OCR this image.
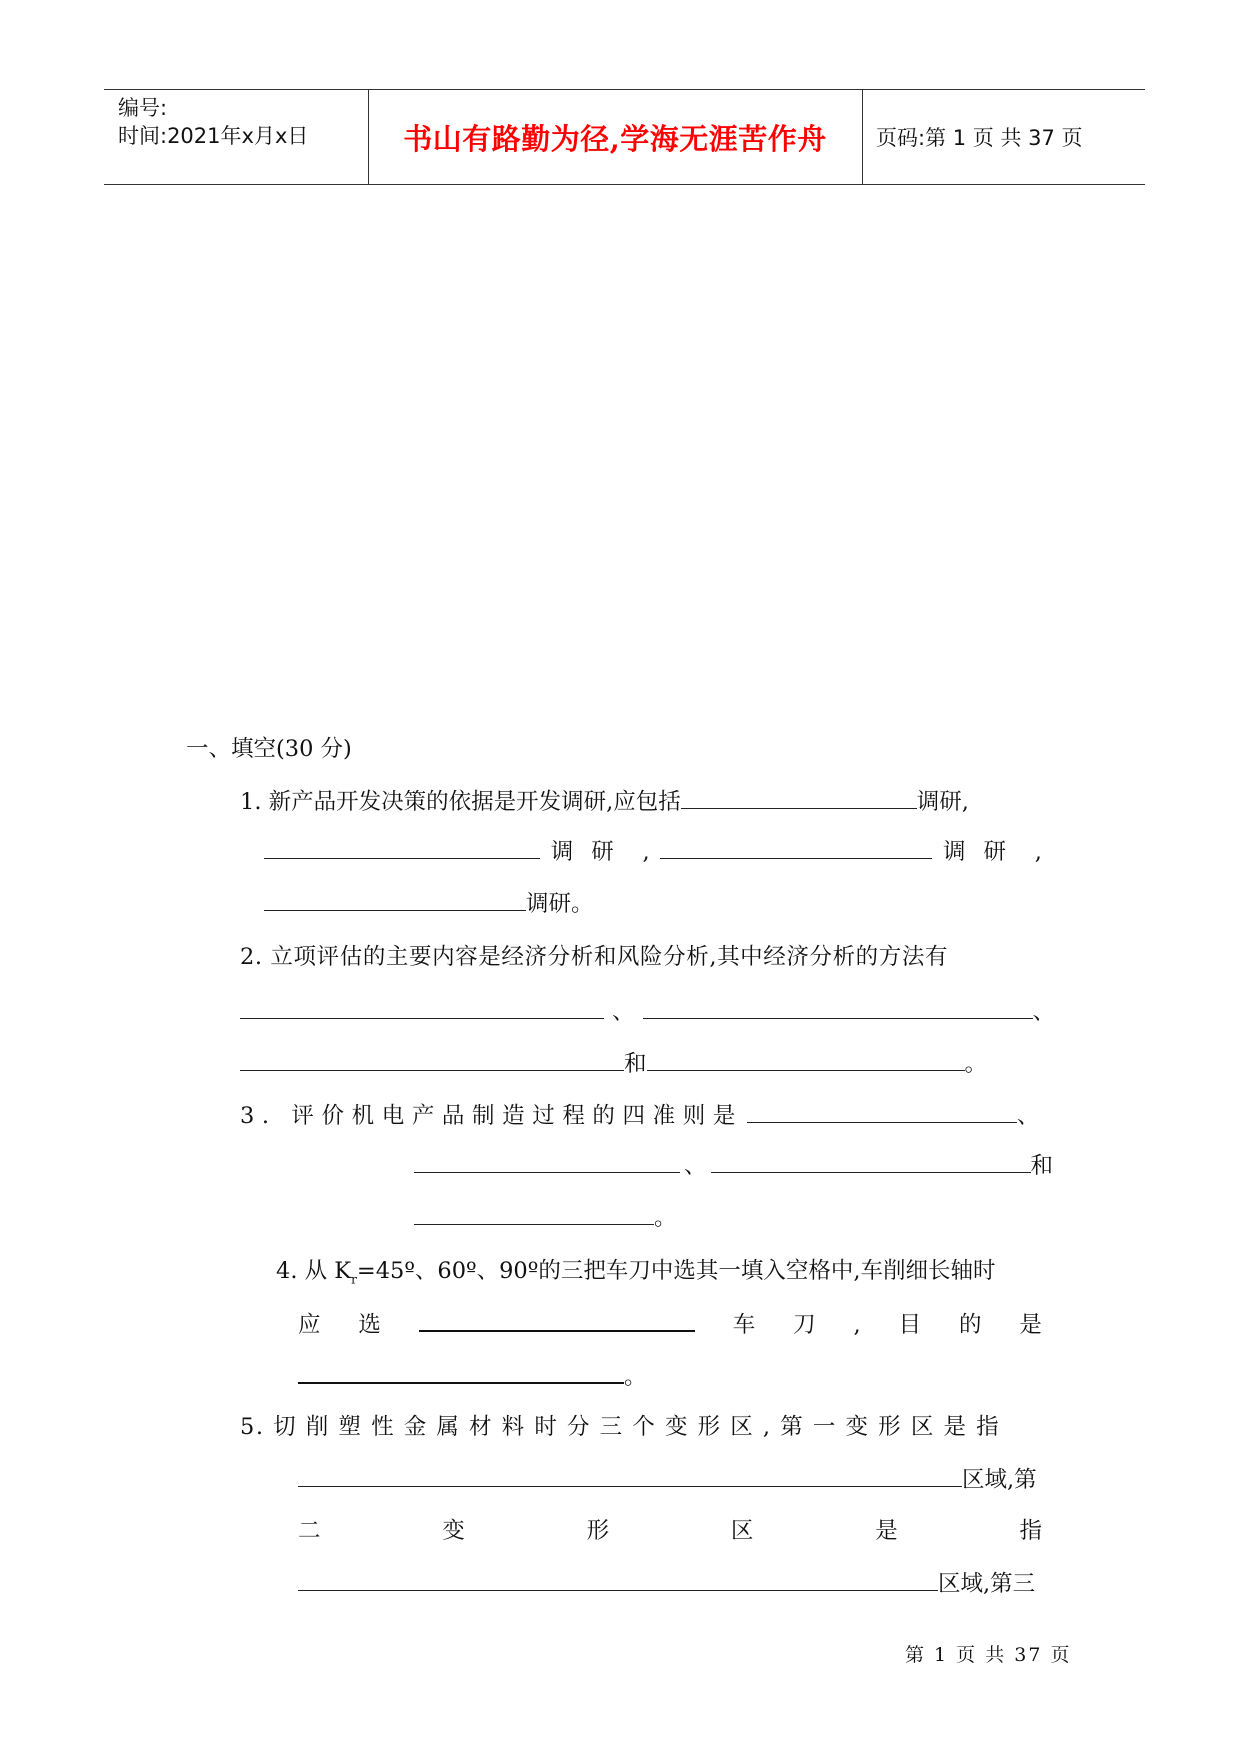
编号:
时间:2021年x月x日	书山有路勤为径,学海无涯苦作舟	页码:第 1 页 共 37 页
一、填空(30 分)
1. 新产品开发决策的依据是开发调研,应包括	调研,
调研 ,	调研 ,
调研。
2. 立项评估的主要内容是经济分析和风险分析,其中经济分析的方法有
、	、
和	。
3. 评价机电产品制造过程的四准则是	、
、	和
。
4. 从 $K_r=45º$、60º、90º的三把车刀中选其一填入空格中,车削细长轴时
应 选	车 刀 , 目 的 是
。
5. 切 削 塑 性 金 属 材 料 时 分 三 个 变 形 区 , 第 一 变 形 区 是 指
区域,第
二	变	形	区	是	指
区域,第三
第 1 页 共 37 页
